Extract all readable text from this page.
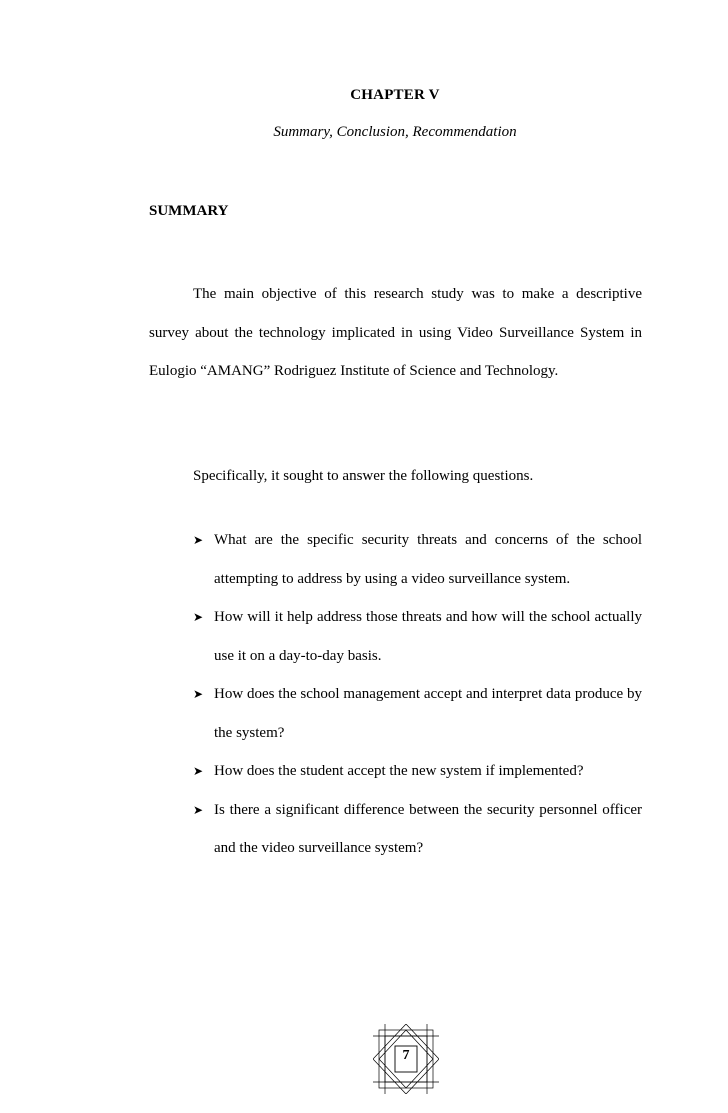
CHAPTER V
Summary, Conclusion, Recommendation
SUMMARY

The main objective of this research study was to make a descriptive survey about the technology implicated in using Video Surveillance System in Eulogio “AMANG” Rodriguez Institute of Science and Technology.

Specifically, it sought to answer the following questions.

➤ What are the specific security threats and concerns of the school attempting to address by using a video surveillance system.
➤ How will it help address those threats and how will the school actually use it on a day-to-day basis.
➤ How does the school management accept and interpret data produce by the system?
➤ How does the student accept the new system if implemented?
➤ Is there a significant difference between the security personnel officer and the video surveillance system?
7
